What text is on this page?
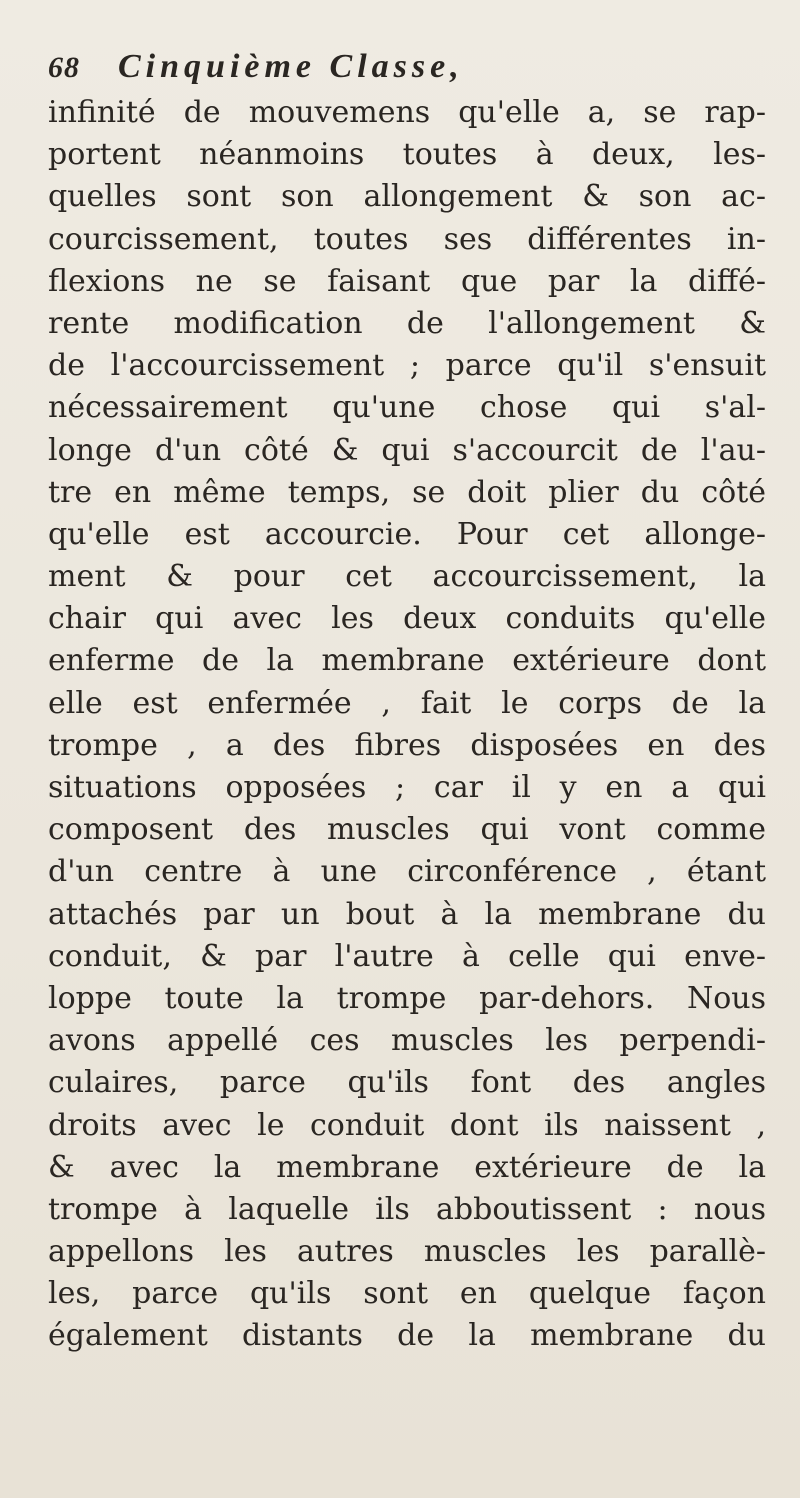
68	Cinquième Classe,
infinité de mouvemens qu'elle a, se rap-
portent néanmoins toutes à deux, les-
quelles sont son allongement & son ac-
courcissement, toutes ses différentes in-
flexions ne se faisant que par la diffé-
rente modification de l'allongement &
de l'accourcissement ; parce qu'il s'ensuit
nécessairement qu'une chose qui s'al-
longe d'un côté & qui s'accourcit de l'au-
tre en même temps, se doit plier du côté
qu'elle est accourcie. Pour cet allonge-
ment & pour cet accourcissement, la
chair qui avec les deux conduits qu'elle
enferme de la membrane extérieure dont
elle est enfermée , fait le corps de la
trompe , a des fibres disposées en des
situations opposées ; car il y en a qui
composent des muscles qui vont comme
d'un centre à une circonférence , étant
attachés par un bout à la membrane du
conduit, & par l'autre à celle qui enve-
loppe toute la trompe par-dehors. Nous
avons appellé ces muscles les perpendi-
culaires, parce qu'ils font des angles
droits avec le conduit dont ils naissent ,
& avec la membrane extérieure de la
trompe à laquelle ils abboutissent : nous
appellons les autres muscles les parallè-
les, parce qu'ils sont en quelque façon
également distants de la membrane du
